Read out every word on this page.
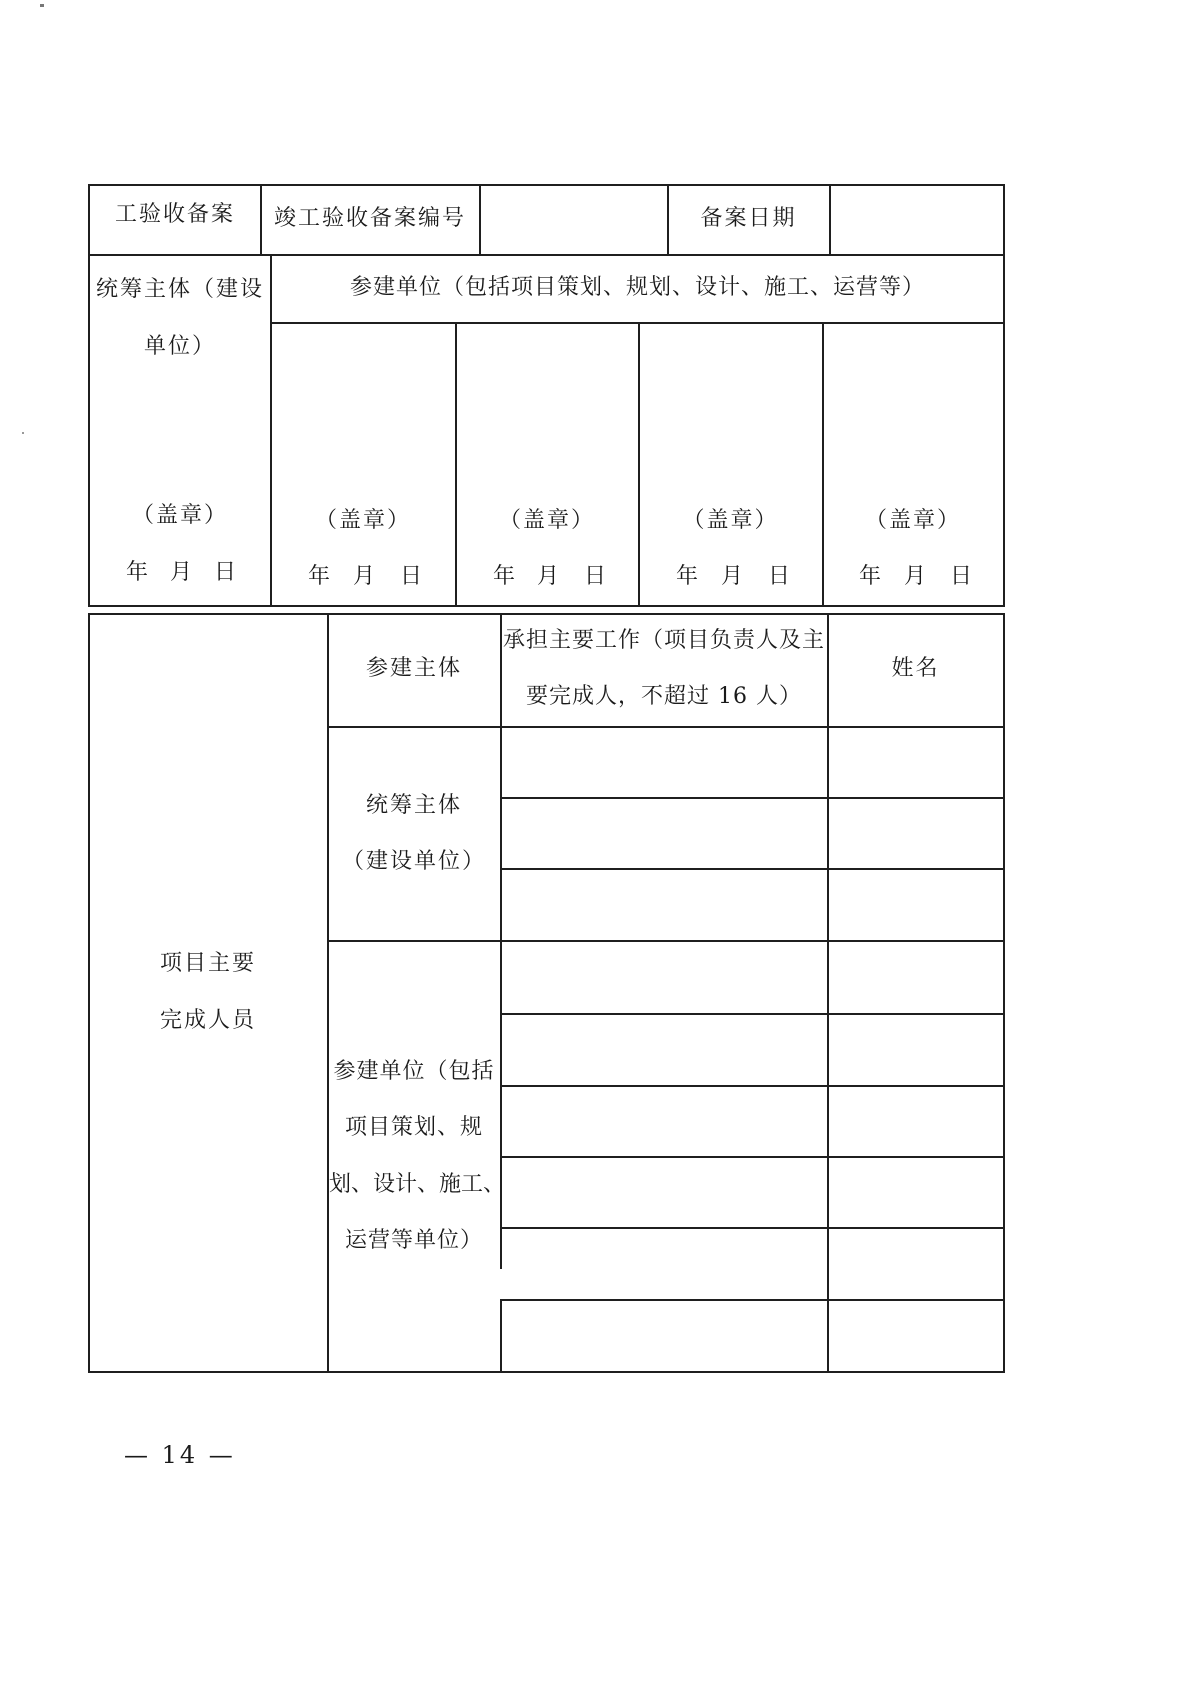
工验收备案	竣工验收备案编号	备案日期
统筹主体（建设
单位）
参建单位（包括项目策划、规划、设计、施工、运营等）
（盖章）
年 月 日
（盖章）
年 月 日
（盖章）
年 月 日
（盖章）
年 月 日
（盖章）
年 月 日
项目主要
完成人员
参建主体
承担主要工作（项目负责人及主
要完成人，不超过 16 人）
姓名
统筹主体
（建设单位）
参建单位（包括
项目策划、规
划、设计、施工、
运营等单位）
— 14 —
